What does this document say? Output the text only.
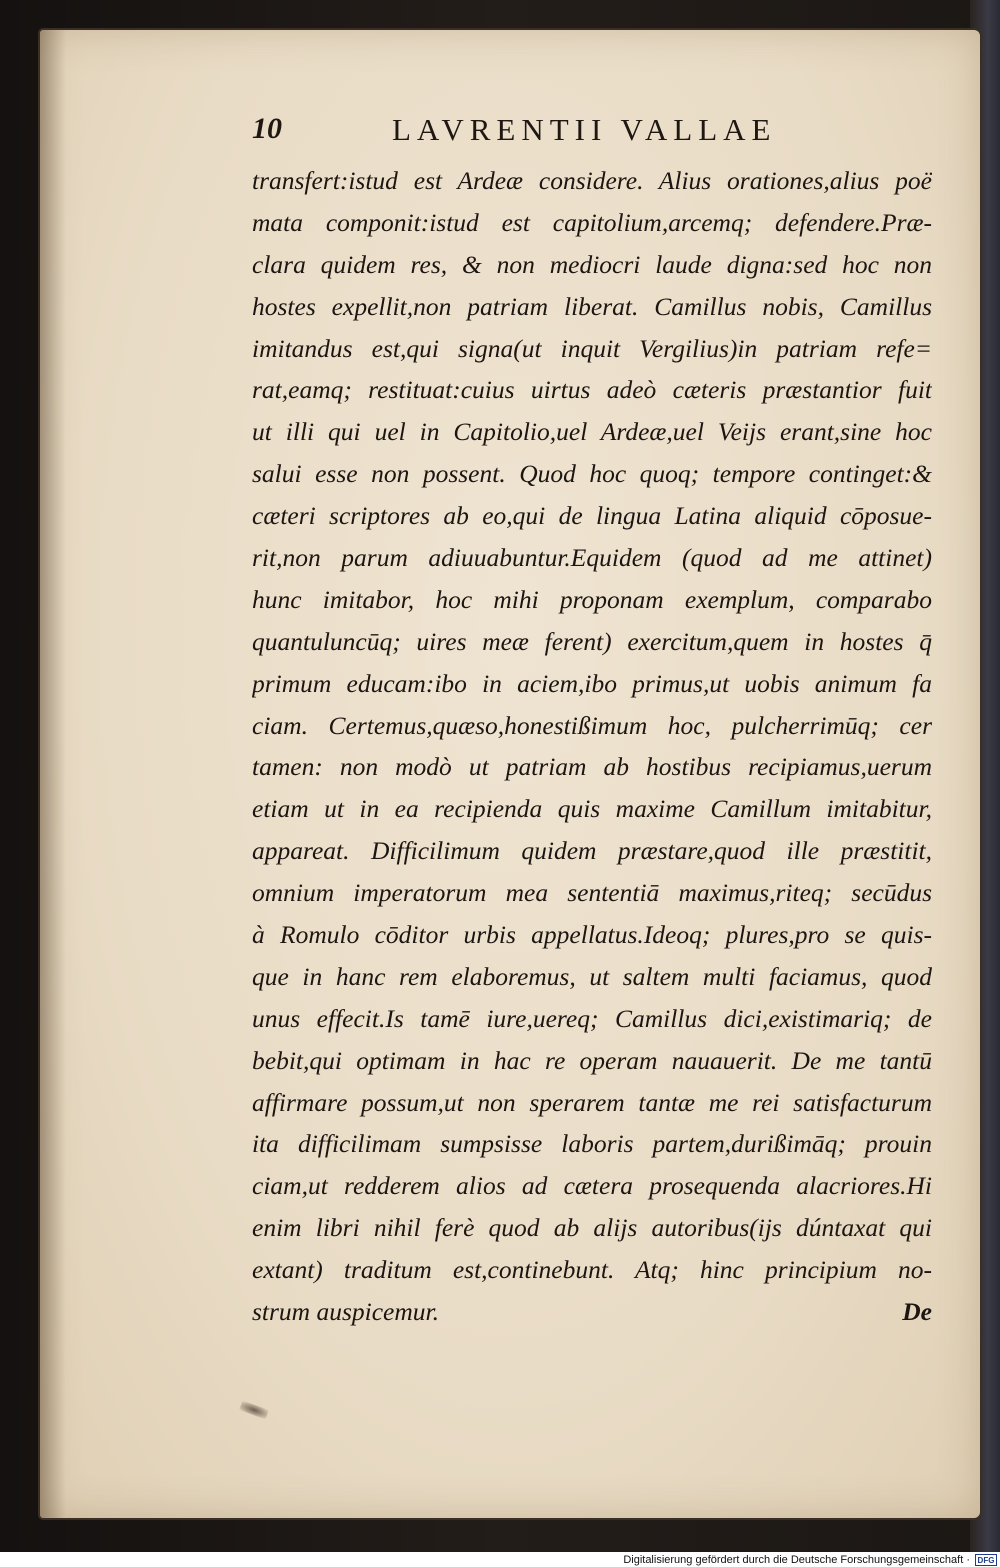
10	LAVRENTII VALLAE
transfert:istud est Ardeæ considere. Alius orationes,alius poë
mata componit:istud est capitolium,arcemq; defendere.Præ-
clara quidem res, & non mediocri laude digna:sed hoc non
hostes expellit,non patriam liberat. Camillus nobis, Camillus
imitandus est,qui signa(ut inquit Vergilius)in patriam refe=
rat,eamq; restituat:cuius uirtus adeò cæteris præstantior fuit
ut illi qui uel in Capitolio,uel Ardeæ,uel Veijs erant,sine hoc
salui esse non possent. Quod hoc quoq; tempore continget:&
cæteri scriptores ab eo,qui de lingua Latina aliquid cōposue-
rit,non parum adiuuabuntur.Equidem (quod ad me attinet)
hunc imitabor, hoc mihi proponam exemplum, comparabo
quantuluncūq; uires meæ ferent) exercitum,quem in hostes q̄
primum educam:ibo in aciem,ibo primus,ut uobis animum fa
ciam. Certemus,quæso,honestißimum hoc, pulcherrimūq; cer
tamen: non modò ut patriam ab hostibus recipiamus,uerum
etiam ut in ea recipienda quis maxime Camillum imitabitur,
appareat. Difficilimum quidem præstare,quod ille præstitit,
omnium imperatorum mea sententiā maximus,riteq; secūdus
à Romulo cōditor urbis appellatus.Ideoq; plures,pro se quis-
que in hanc rem elaboremus, ut saltem multi faciamus, quod
unus effecit.Is tamē iure,uereq; Camillus dici,existimariq; de
bebit,qui optimam in hac re operam nauauerit. De me tantū
affirmare possum,ut non sperarem tantæ me rei satisfacturum
ita difficilimam sumpsisse laboris partem,durißimāq; prouin
ciam,ut redderem alios ad cætera prosequenda alacriores.Hi
enim libri nihil ferè quod ab alijs autoribus(ijs dúntaxat qui
extant) traditum est,continebunt. Atq; hinc principium no-
strum auspicemur.	De
Digitalisierung gefördert durch die Deutsche Forschungsgemeinschaft · DFG
